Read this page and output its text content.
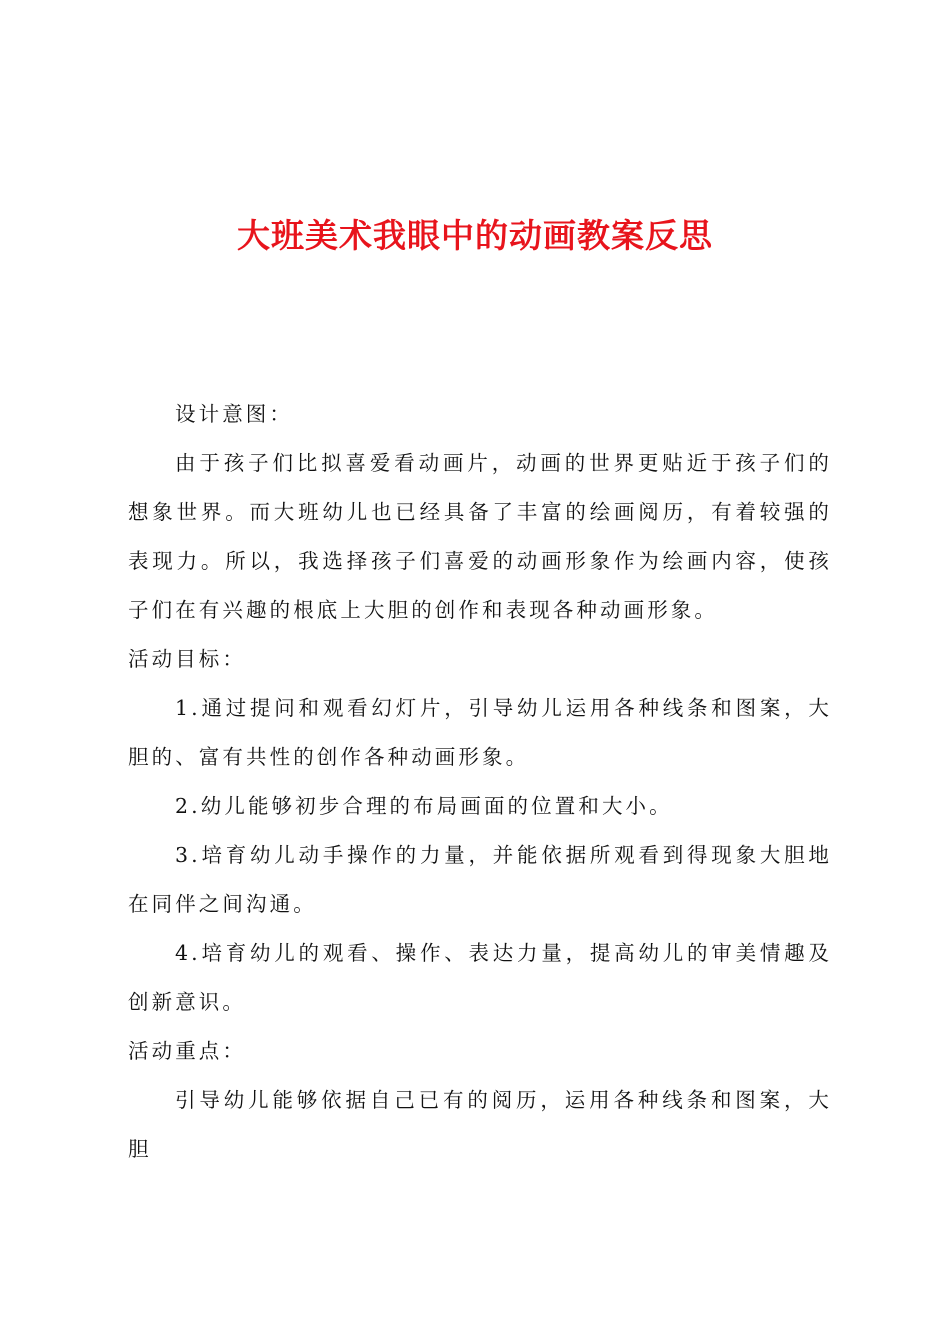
大班美术我眼中的动画教案反思

设计意图：

由于孩子们比拟喜爱看动画片，动画的世界更贴近于孩子们的想象世界。而大班幼儿也已经具备了丰富的绘画阅历，有着较强的表现力。所以，我选择孩子们喜爱的动画形象作为绘画内容，使孩子们在有兴趣的根底上大胆的创作和表现各种动画形象。

活动目标：

1.通过提问和观看幻灯片，引导幼儿运用各种线条和图案，大胆的、富有共性的创作各种动画形象。

2.幼儿能够初步合理的布局画面的位置和大小。

3.培育幼儿动手操作的力量，并能依据所观看到得现象大胆地在同伴之间沟通。

4.培育幼儿的观看、操作、表达力量，提高幼儿的审美情趣及创新意识。

活动重点：

引导幼儿能够依据自己已有的阅历，运用各种线条和图案，大胆
